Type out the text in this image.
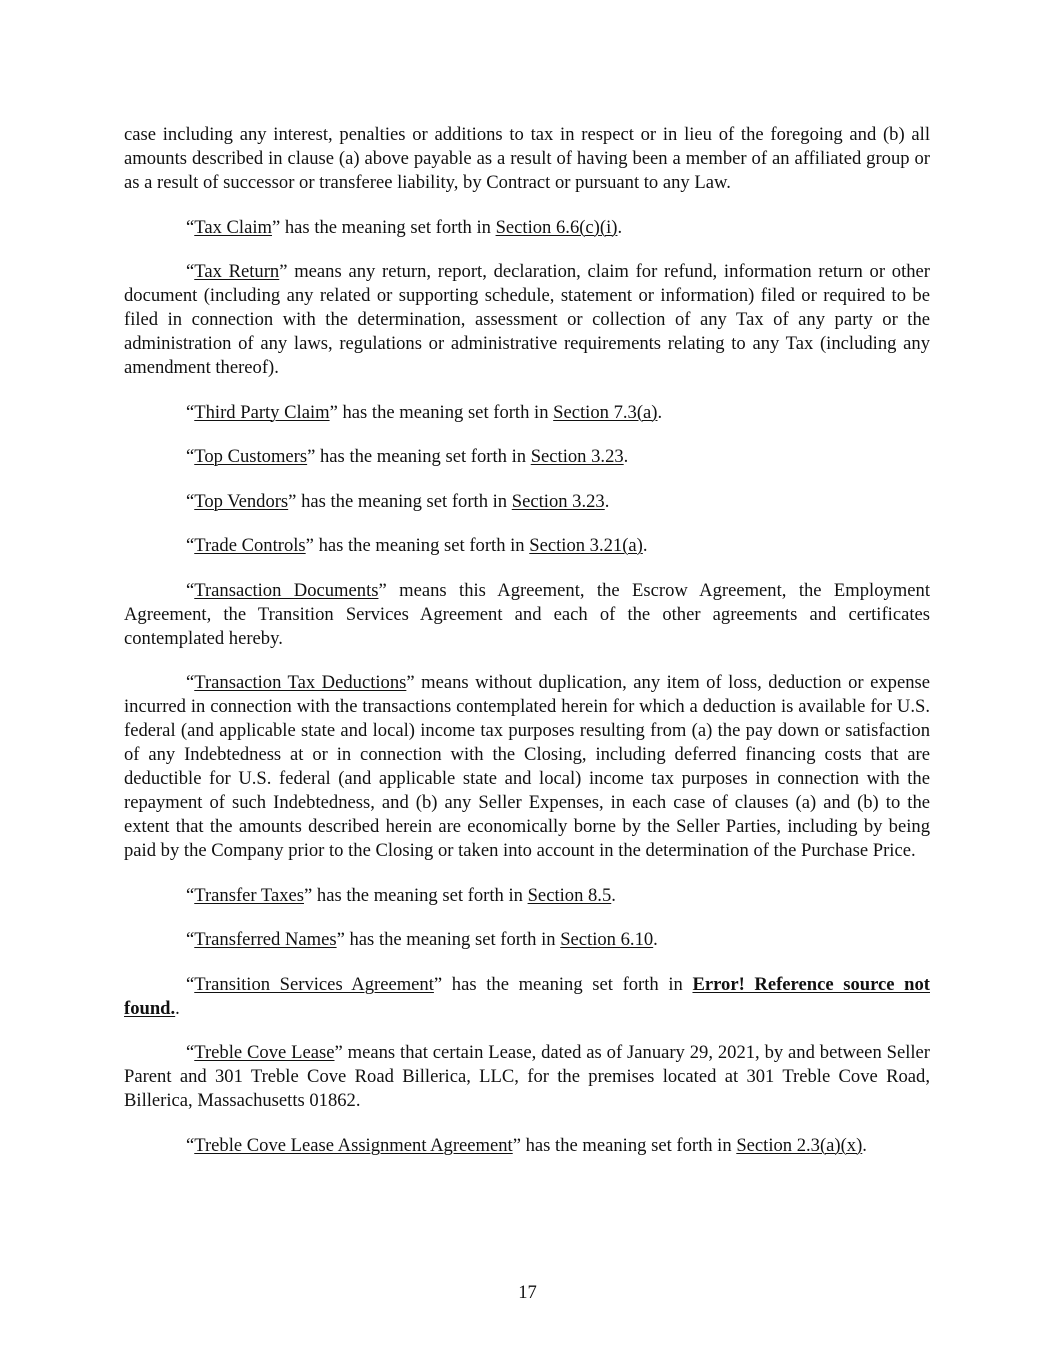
case including any interest, penalties or additions to tax in respect or in lieu of the foregoing and (b) all amounts described in clause (a) above payable as a result of having been a member of an affiliated group or as a result of successor or transferee liability, by Contract or pursuant to any Law.

“Tax Claim” has the meaning set forth in Section 6.6(c)(i).

“Tax Return” means any return, report, declaration, claim for refund, information return or other document (including any related or supporting schedule, statement or information) filed or required to be filed in connection with the determination, assessment or collection of any Tax of any party or the administration of any laws, regulations or administrative requirements relating to any Tax (including any amendment thereof).

“Third Party Claim” has the meaning set forth in Section 7.3(a).

“Top Customers” has the meaning set forth in Section 3.23.

“Top Vendors” has the meaning set forth in Section 3.23.

“Trade Controls” has the meaning set forth in Section 3.21(a).

“Transaction Documents” means this Agreement, the Escrow Agreement, the Employment Agreement, the Transition Services Agreement and each of the other agreements and certificates contemplated hereby.

“Transaction Tax Deductions” means without duplication, any item of loss, deduction or expense incurred in connection with the transactions contemplated herein for which a deduction is available for U.S. federal (and applicable state and local) income tax purposes resulting from (a) the pay down or satisfaction of any Indebtedness at or in connection with the Closing, including deferred financing costs that are deductible for U.S. federal (and applicable state and local) income tax purposes in connection with the repayment of such Indebtedness, and (b) any Seller Expenses, in each case of clauses (a) and (b) to the extent that the amounts described herein are economically borne by the Seller Parties, including by being paid by the Company prior to the Closing or taken into account in the determination of the Purchase Price.

“Transfer Taxes” has the meaning set forth in Section 8.5.

“Transferred Names” has the meaning set forth in Section 6.10.

“Transition Services Agreement” has the meaning set forth in Error! Reference source not found..

“Treble Cove Lease” means that certain Lease, dated as of January 29, 2021, by and between Seller Parent and 301 Treble Cove Road Billerica, LLC, for the premises located at 301 Treble Cove Road, Billerica, Massachusetts 01862.

“Treble Cove Lease Assignment Agreement” has the meaning set forth in Section 2.3(a)(x).

17
